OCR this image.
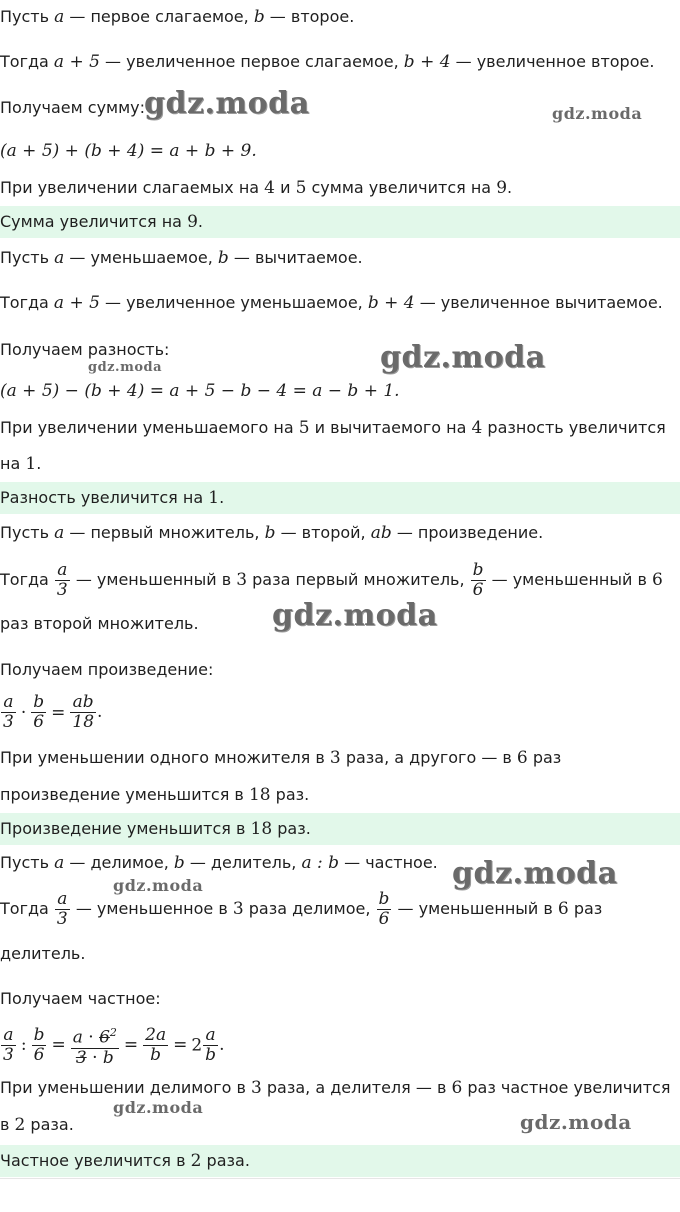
Пусть a — первое слагаемое, b — второе.
Тогда a + 5 — увеличенное первое слагаемое, b + 4 — увеличенное второе.
Получаем сумму:
gdz.moda	gdz.moda
(a + 5) + (b + 4) = a + b + 9.
При увеличении слагаемых на 4 и 5 сумма увеличится на 9.
Сумма увеличится на 9.
Пусть a — уменьшаемое, b — вычитаемое.
Тогда a + 5 — увеличенное уменьшаемое, b + 4 — увеличенное вычитаемое.
Получаем разность:
gdz.moda	gdz.moda
(a + 5) − (b + 4) = a + 5 − b − 4 = a − b + 1.
При увеличении уменьшаемого на 5 и вычитаемого на 4 разность увеличится
на 1.
Разность увеличится на 1.
Пусть a — первый множитель, b — второй, ab — произведение.
Тогда $\frac{a}{3}$ — уменьшенный в 3 раза первый множитель, $\frac{b}{6}$ — уменьшенный в 6
раз второй множитель. gdz.moda
Получаем произведение:
$\frac{a}{3} \cdot \frac{b}{6} = \frac{ab}{18}$ .
При уменьшении одного множителя в 3 раза, а другого — в 6 раз
произведение уменьшится в 18 раз.
Произведение уменьшится в 18 раз.
Пусть a — делимое, b — делитель, a : b — частное. gdz.moda
gdz.moda
Тогда $\frac{a}{3}$ — уменьшенное в 3 раза делимое, $\frac{b}{6}$ — уменьшенный в 6 раз
делитель.
Получаем частное:
$\frac{a}{3}$ : $\frac{b}{6} = \frac{a \cdot 6^2}{3 \cdot b} = \frac{2a}{b} = 2 \frac{a}{b}$ .
При уменьшении делимого в 3 раза, а делителя — в 6 раз частное увеличится
в 2 раза.
gdz.moda
gdz.moda
Частное увеличится в 2 раза.
